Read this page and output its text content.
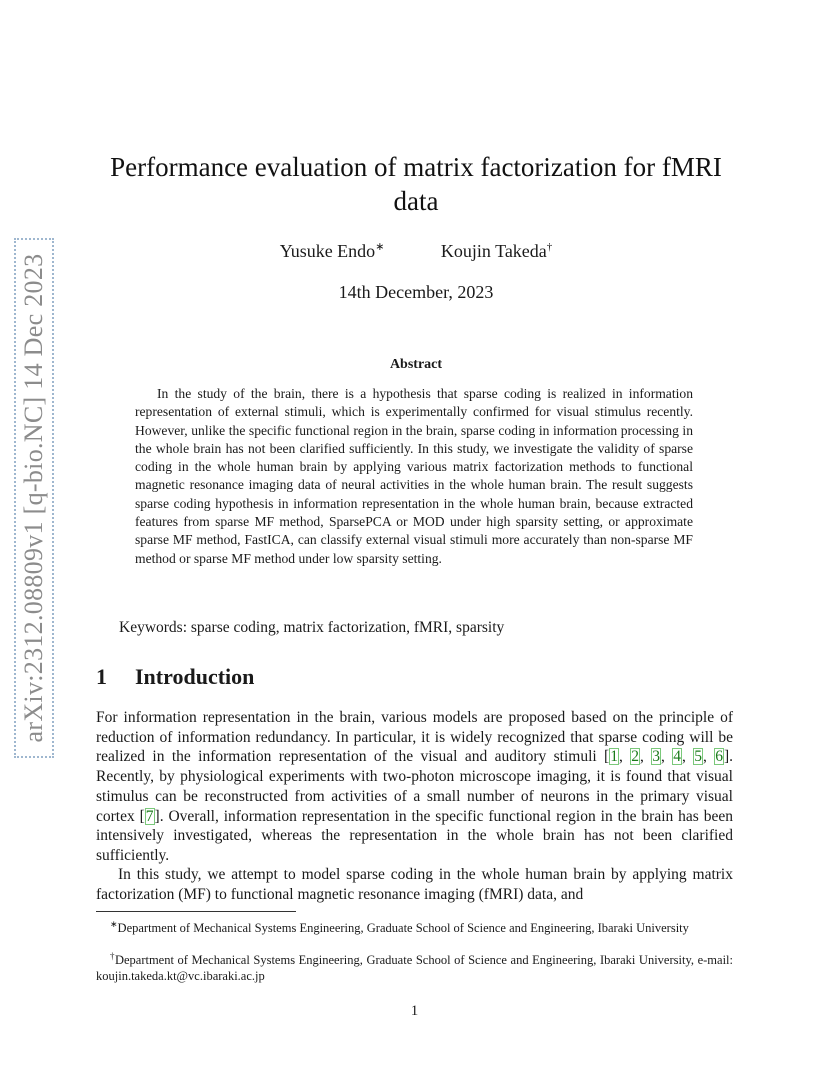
arXiv:2312.08809v1 [q-bio.NC] 14 Dec 2023
Performance evaluation of matrix factorization for fMRI data
Yusuke Endo∗	Koujin Takeda†
14th December, 2023
Abstract

In the study of the brain, there is a hypothesis that sparse coding is realized in information representation of external stimuli, which is experimentally confirmed for visual stimulus recently. However, unlike the specific functional region in the brain, sparse coding in information processing in the whole brain has not been clarified sufficiently. In this study, we investigate the validity of sparse coding in the whole human brain by applying various matrix factorization methods to functional magnetic resonance imaging data of neural activities in the whole human brain. The result suggests sparse coding hypothesis in information representation in the whole human brain, because extracted features from sparse MF method, SparsePCA or MOD under high sparsity setting, or approximate sparse MF method, FastICA, can classify external visual stimuli more accurately than non-sparse MF method or sparse MF method under low sparsity setting.

Keywords: sparse coding, matrix factorization, fMRI, sparsity
1 Introduction

For information representation in the brain, various models are proposed based on the principle of reduction of information redundancy. In particular, it is widely recognized that sparse coding will be realized in the information representation of the visual and auditory stimuli [1, 2, 3, 4, 5, 6]. Recently, by physiological experiments with two-photon microscope imaging, it is found that visual stimulus can be reconstructed from activities of a small number of neurons in the primary visual cortex [7]. Overall, information representation in the specific functional region in the brain has been intensively investigated, whereas the representation in the whole brain has not been clarified sufficiently.

In this study, we attempt to model sparse coding in the whole human brain by applying matrix factorization (MF) to functional magnetic resonance imaging (fMRI) data, and

∗Department of Mechanical Systems Engineering, Graduate School of Science and Engineering, Ibaraki University

†Department of Mechanical Systems Engineering, Graduate School of Science and Engineering, Ibaraki University, e-mail: koujin.takeda.kt@vc.ibaraki.ac.jp

1
